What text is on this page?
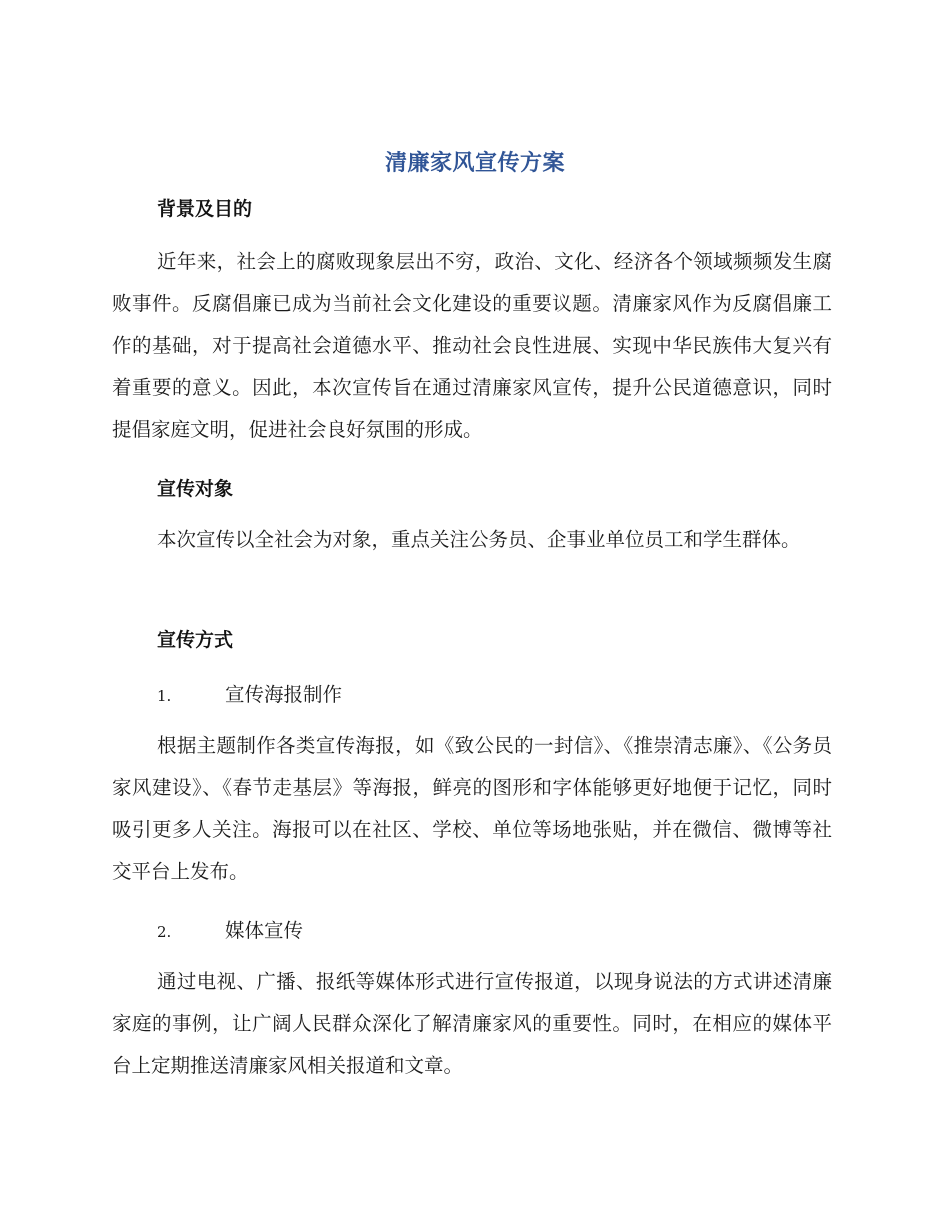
清廉家风宣传方案
背景及目的

近年来，社会上的腐败现象层出不穷，政治、文化、经济各个领域频频发生腐败事件。反腐倡廉已成为当前社会文化建设的重要议题。清廉家风作为反腐倡廉工作的基础，对于提高社会道德水平、推动社会良性进展、实现中华民族伟大复兴有着重要的意义。因此，本次宣传旨在通过清廉家风宣传，提升公民道德意识，同时提倡家庭文明，促进社会良好氛围的形成。

宣传对象

本次宣传以全社会为对象，重点关注公务员、企事业单位员工和学生群体。

宣传方式
1.	宣传海报制作

根据主题制作各类宣传海报，如《致公民的一封信》、《推崇清志廉》、《公务员家风建设》、《春节走基层》等海报，鲜亮的图形和字体能够更好地便于记忆，同时吸引更多人关注。海报可以在社区、学校、单位等场地张贴，并在微信、微博等社交平台上发布。

2.	媒体宣传

通过电视、广播、报纸等媒体形式进行宣传报道，以现身说法的方式讲述清廉家庭的事例，让广阔人民群众深化了解清廉家风的重要性。同时，在相应的媒体平台上定期推送清廉家风相关报道和文章。
